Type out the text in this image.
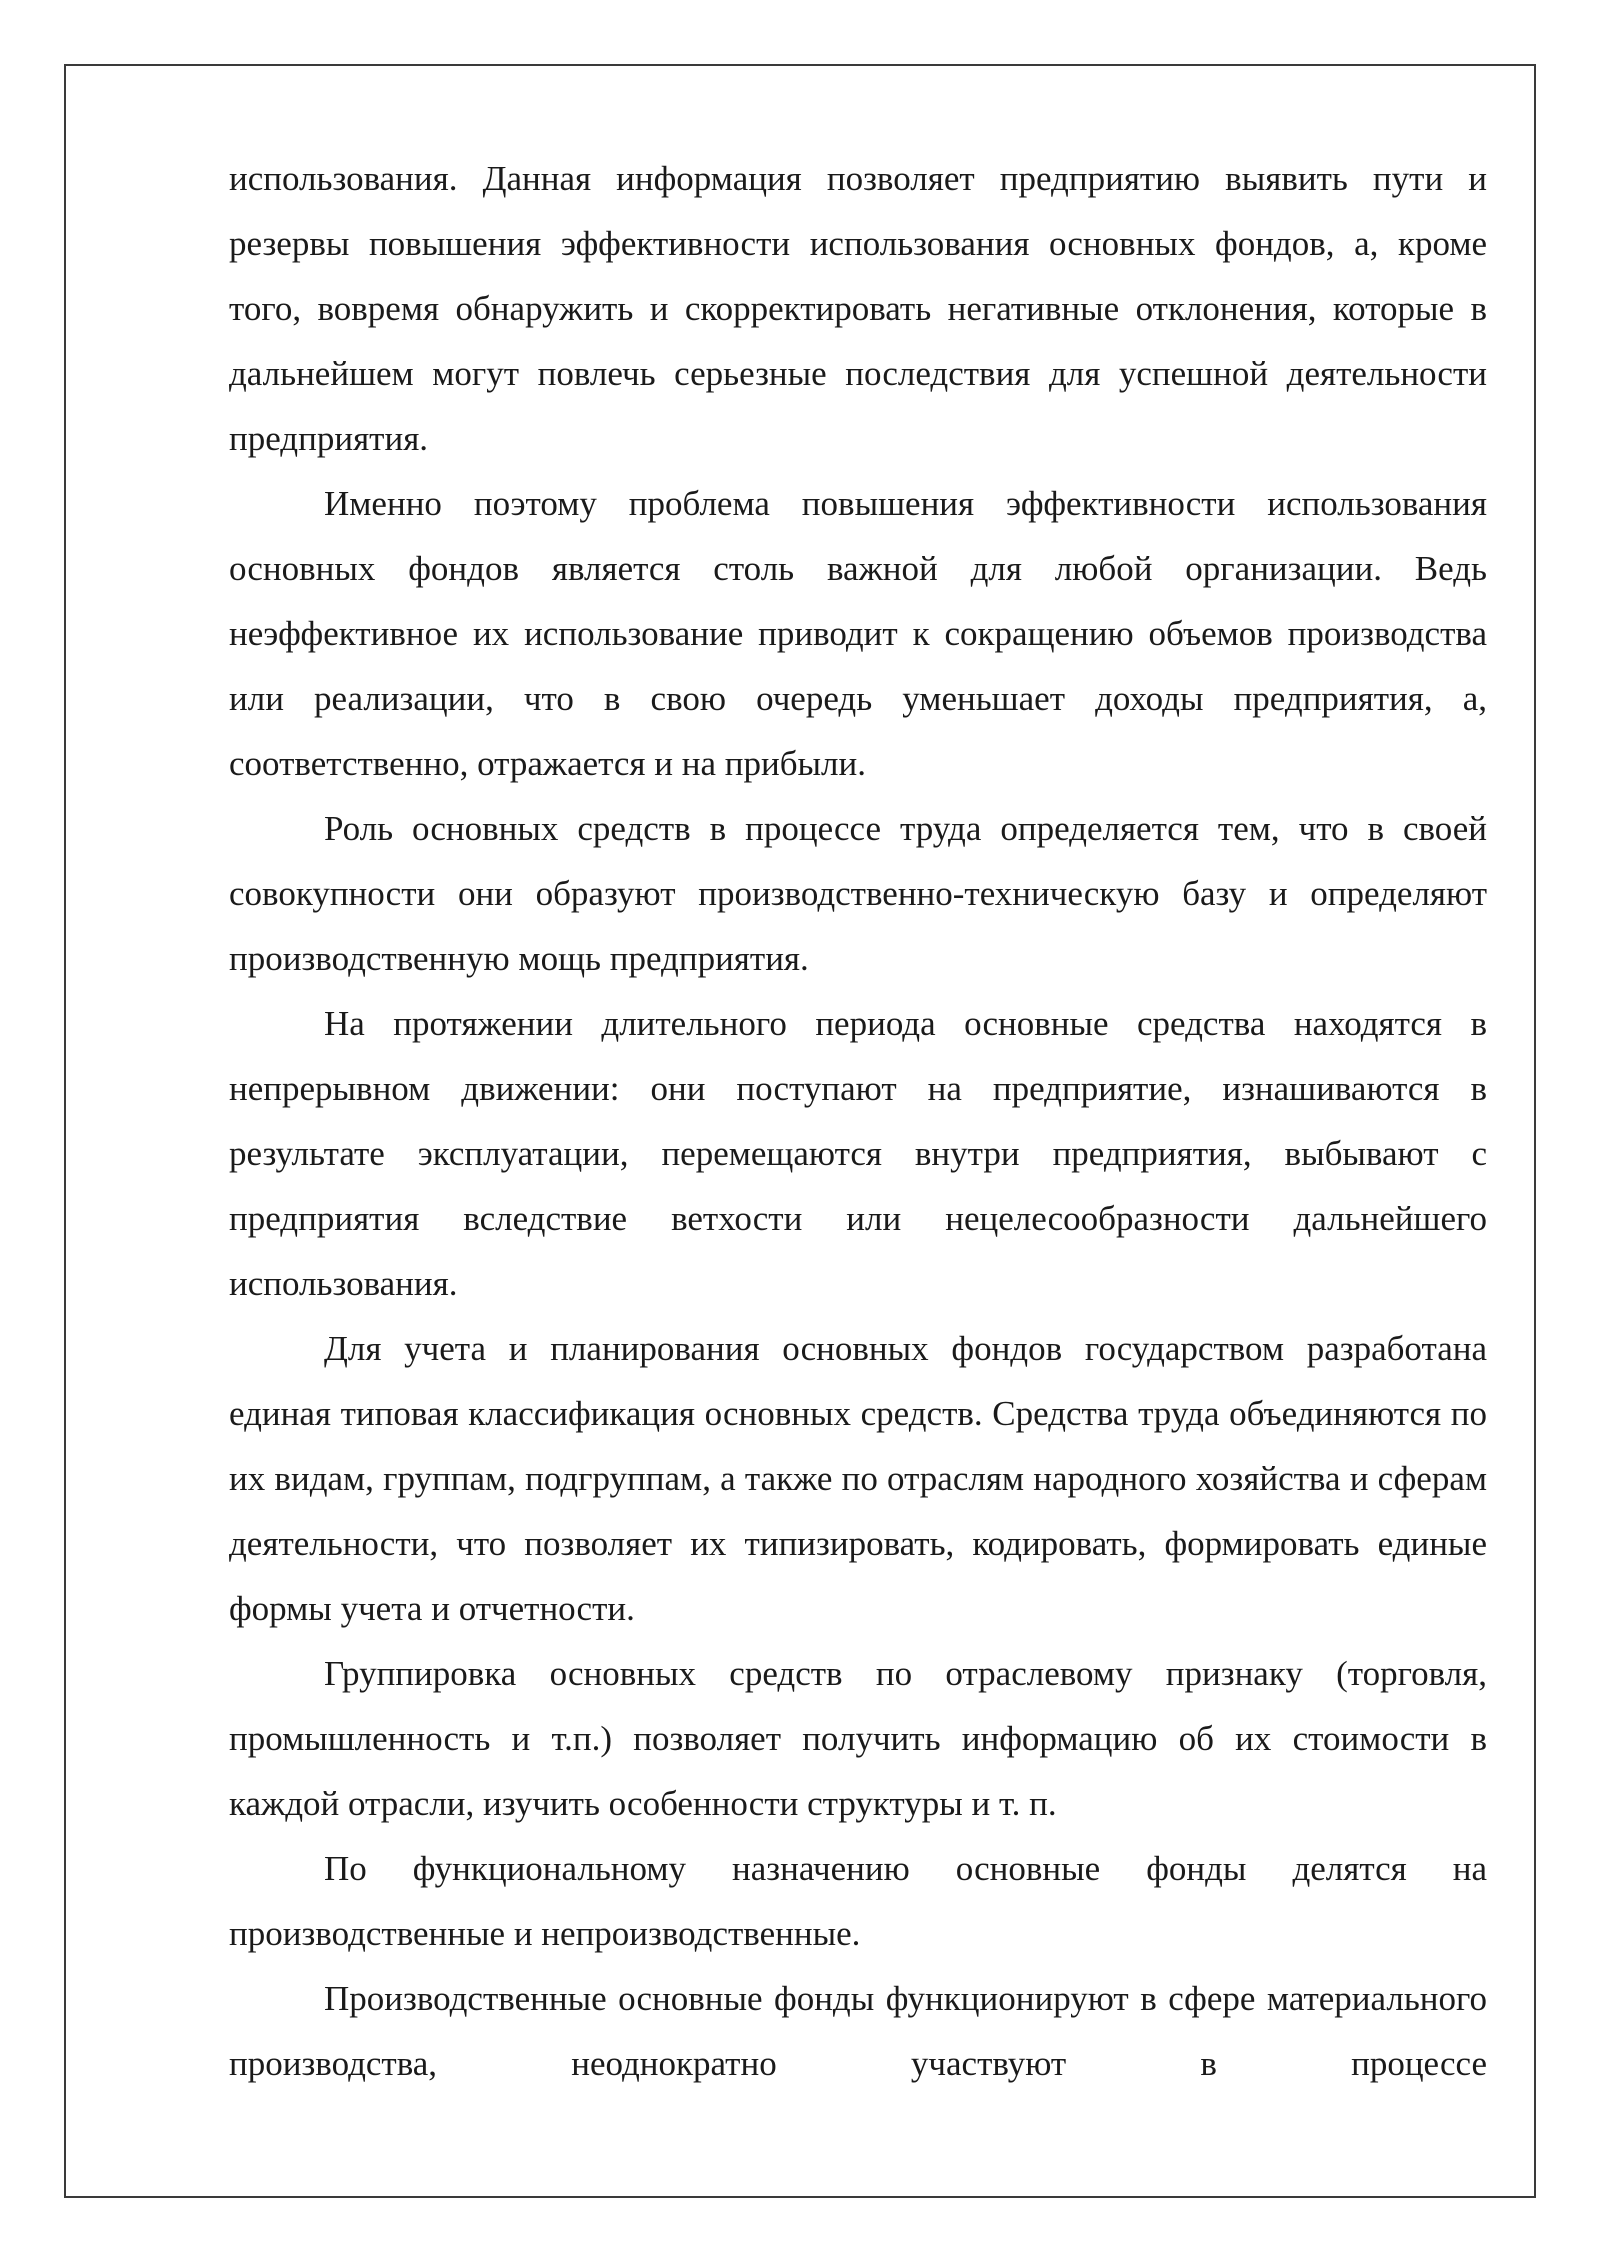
использования. Данная информация позволяет предприятию выявить пути и резервы повышения эффективности использования основных фондов, а, кроме того, вовремя обнаружить и скорректировать негативные отклонения, которые в дальнейшем могут повлечь серьезные последствия для успешной деятельности предприятия.

Именно поэтому проблема повышения эффективности использования основных фондов является столь важной для любой организации. Ведь неэффективное их использование приводит к сокращению объемов производства или реализации, что в свою очередь уменьшает доходы предприятия, а, соответственно, отражается и на прибыли.

Роль основных средств в процессе труда определяется тем, что в своей совокупности они образуют производственно-техническую базу и определяют производственную мощь предприятия.

На протяжении длительного периода основные средства находятся в непрерывном движении: они поступают на предприятие, изнашиваются в результате эксплуатации, перемещаются внутри предприятия, выбывают с предприятия вследствие ветхости или нецелесообразности дальнейшего использования.

Для учета и планирования основных фондов государством разработана единая типовая классификация основных средств. Средства труда объединяются по их видам, группам, подгруппам, а также по отраслям народного хозяйства и сферам деятельности, что позволяет их типизировать, кодировать, формировать единые формы учета и отчетности.

Группировка основных средств по отраслевому признаку (торговля, промышленность и т.п.) позволяет получить информацию об их стоимости в каждой отрасли, изучить особенности структуры и т. п.

По функциональному назначению основные фонды делятся на производственные и непроизводственные.

Производственные основные фонды функционируют в сфере материального производства, неоднократно участвуют в процессе
